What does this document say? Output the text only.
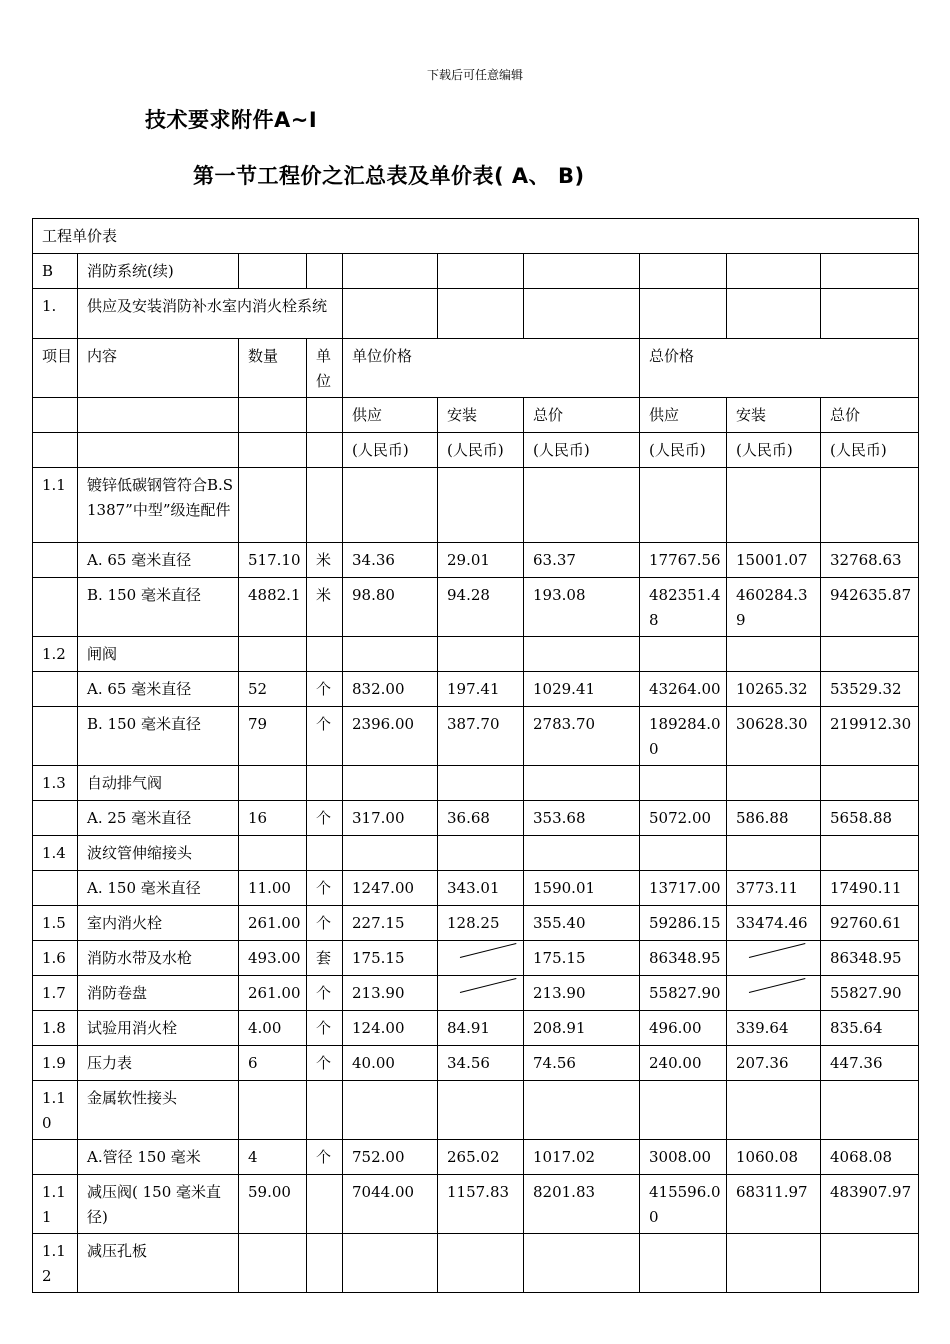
下载后可任意编辑
技术要求附件A~I
第一节工程价之汇总表及单价表( A、 B)
工程单价表									
B	消防系统(续)								
1.	供应及安装消防补水室内消火栓系统								
项目	内容	数量	单位	单位价格			总价格		
				供应	安装	总价	供应	安装	总价
				(人民币)	(人民币)	(人民币)	(人民币)	(人民币)	(人民币)
1.1	镀锌低碳钢管符合B.S1387”中型”级连配件								
	A. 65 毫米直径	517.10	米	34.36	29.01	63.37	17767.56	15001.07	32768.63
	B. 150 毫米直径	4882.1	米	98.80	94.28	193.08	482351.48	460284.39	942635.87
1.2	闸阀								
	A. 65 毫米直径	52	个	832.00	197.41	1029.41	43264.00	10265.32	53529.32
	B. 150 毫米直径	79	个	2396.00	387.70	2783.70	189284.00	30628.30	219912.30
1.3	自动排气阀								
	A. 25 毫米直径	16	个	317.00	36.68	353.68	5072.00	586.88	5658.88
1.4	波纹管伸缩接头								
	A. 150 毫米直径	11.00	个	1247.00	343.01	1590.01	13717.00	3773.11	17490.11
1.5	室内消火栓	261.00	个	227.15	128.25	355.40	59286.15	33474.46	92760.61
1.6	消防水带及水枪	493.00	套	175.15		175.15	86348.95		86348.95
1.7	消防卷盘	261.00	个	213.90		213.90	55827.90		55827.90
1.8	试验用消火栓	4.00	个	124.00	84.91	208.91	496.00	339.64	835.64
1.9	压力表	6	个	40.00	34.56	74.56	240.00	207.36	447.36
1.10	金属软性接头								
	A.管径 150 毫米	4	个	752.00	265.02	1017.02	3008.00	1060.08	4068.08
1.11	减压阀( 150 毫米直径)	59.00		7044.00	1157.83	8201.83	415596.00	68311.97	483907.97
1.12	减压孔板								
